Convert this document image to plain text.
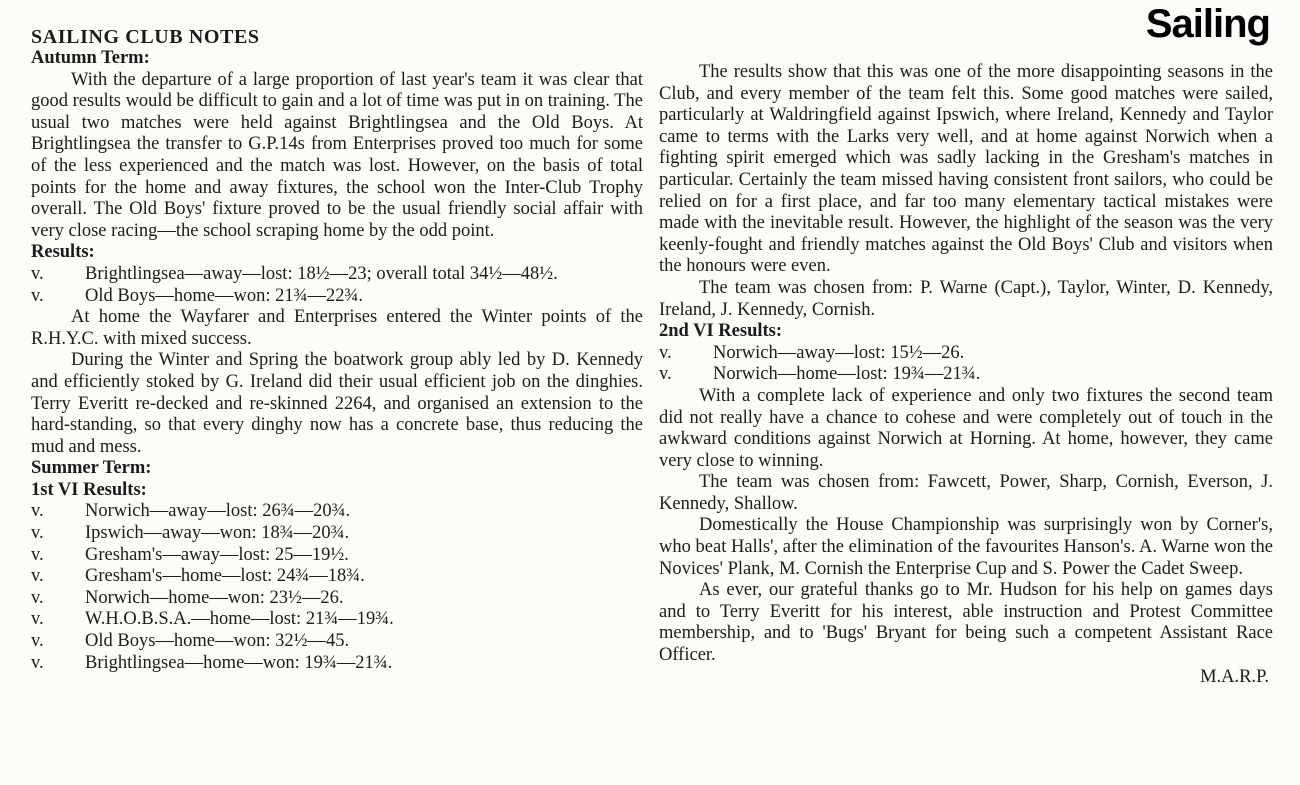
Sailing
SAILING CLUB NOTES
Autumn Term:

With the departure of a large proportion of last year's team it was clear that good results would be difficult to gain and a lot of time was put in on training. The usual two matches were held against Brightlingsea and the Old Boys. At Brightlingsea the transfer to G.P.14s from Enterprises proved too much for some of the less experienced and the match was lost. However, on the basis of total points for the home and away fixtures, the school won the Inter-Club Trophy overall. The Old Boys' fixture proved to be the usual friendly social affair with very close racing—the school scraping home by the odd point.

Results:
v.	Brightlingsea—away—lost: 18½—23; overall total 34½—48½.
v.	Old Boys—home—won: 21¾—22¾.

At home the Wayfarer and Enterprises entered the Winter points of the R.H.Y.C. with mixed success.

During the Winter and Spring the boatwork group ably led by D. Kennedy and efficiently stoked by G. Ireland did their usual efficient job on the dinghies. Terry Everitt re-decked and re-skinned 2264, and organised an extension to the hard-standing, so that every dinghy now has a concrete base, thus reducing the mud and mess.

Summer Term:
1st VI Results:
v.	Norwich—away—lost: 26¾—20¾.
v.	Ipswich—away—won: 18¾—20¾.
v.	Gresham's—away—lost: 25—19½.
v.	Gresham's—home—lost: 24¾—18¾.
v.	Norwich—home—won: 23½—26.
v.	W.H.O.B.S.A.—home—lost: 21¾—19¾.
v.	Old Boys—home—won: 32½—45.
v.	Brightlingsea—home—won: 19¾—21¾.

The results show that this was one of the more disappointing seasons in the Club, and every member of the team felt this. Some good matches were sailed, particularly at Waldringfield against Ipswich, where Ireland, Kennedy and Taylor came to terms with the Larks very well, and at home against Norwich when a fighting spirit emerged which was sadly lacking in the Gresham's matches in particular. Certainly the team missed having consistent front sailors, who could be relied on for a first place, and far too many elementary tactical mistakes were made with the inevitable result. However, the highlight of the season was the very keenly-fought and friendly matches against the Old Boys' Club and visitors when the honours were even.

The team was chosen from: P. Warne (Capt.), Taylor, Winter, D. Kennedy, Ireland, J. Kennedy, Cornish.

2nd VI Results:
v.	Norwich—away—lost: 15½—26.
v.	Norwich—home—lost: 19¾—21¾.

With a complete lack of experience and only two fixtures the second team did not really have a chance to cohese and were completely out of touch in the awkward conditions against Norwich at Horning. At home, however, they came very close to winning.

The team was chosen from: Fawcett, Power, Sharp, Cornish, Everson, J. Kennedy, Shallow.

Domestically the House Championship was surprisingly won by Corner's, who beat Halls', after the elimination of the favourites Hanson's. A. Warne won the Novices' Plank, M. Cornish the Enterprise Cup and S. Power the Cadet Sweep.

As ever, our grateful thanks go to Mr. Hudson for his help on games days and to Terry Everitt for his interest, able instruction and Protest Committee membership, and to 'Bugs' Bryant for being such a competent Assistant Race Officer.

M.A.R.P.
